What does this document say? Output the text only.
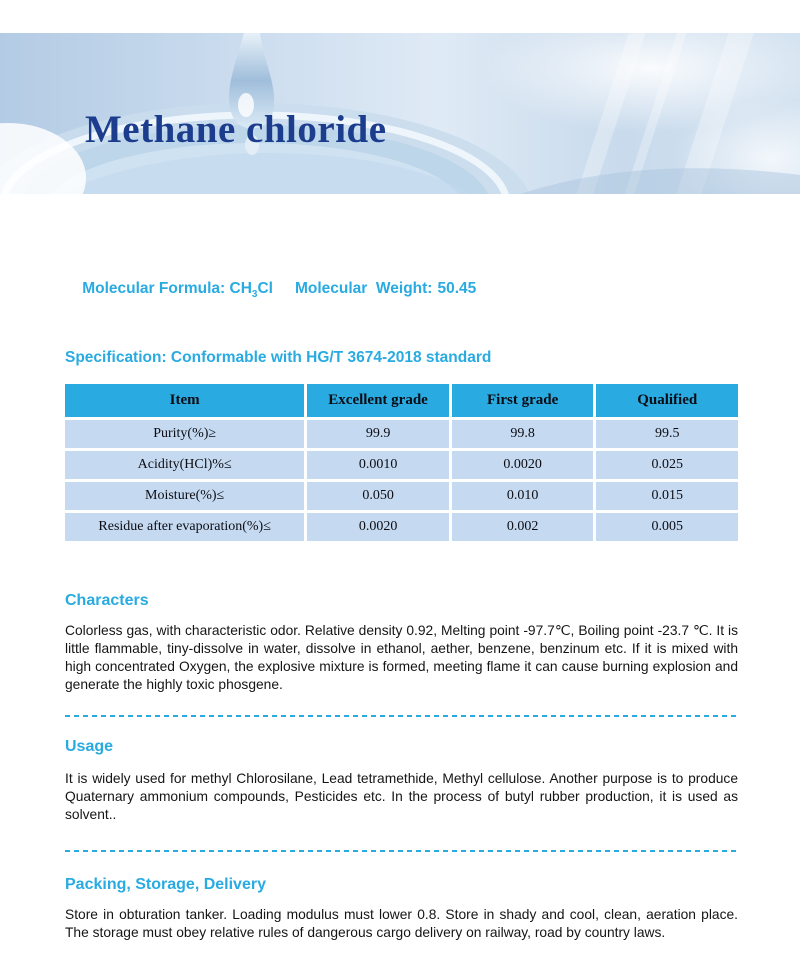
Methane chloride

Molecular Formula: $CH_3Cl$ Molecular  Weight: 50.45

Specification: Conformable with HG/T 3674-2018 standard
Item	Excellent grade	First grade	Qualified
Purity(%)≥	99.9	99.8	99.5
Acidity(HCl)%≤	0.0010	0.0020	0.025
Moisture(%)≤	0.050	0.010	0.015
Residue after evaporation(%)≤	0.0020	0.002	0.005
Characters
Colorless gas, with characteristic odor. Relative density 0.92, Melting point -97.7℃, Boiling point -23.7 ℃. It is little flammable, tiny-dissolve in water, dissolve in ethanol, aether, benzene, benzinum etc. If it is mixed with high concentrated Oxygen, the explosive mixture is formed, meeting flame it can cause burning explosion and generate the highly toxic phosgene.
Usage
It is widely used for methyl Chlorosilane, Lead tetramethide, Methyl cellulose. Another purpose is to produce Quaternary ammonium compounds, Pesticides etc. In the process of butyl rubber production, it is used as solvent..
Packing, Storage, Delivery
Store in obturation tanker. Loading modulus must lower 0.8. Store in shady and cool, clean, aeration place. The storage must obey relative rules of dangerous cargo delivery on railway, road by country laws.
